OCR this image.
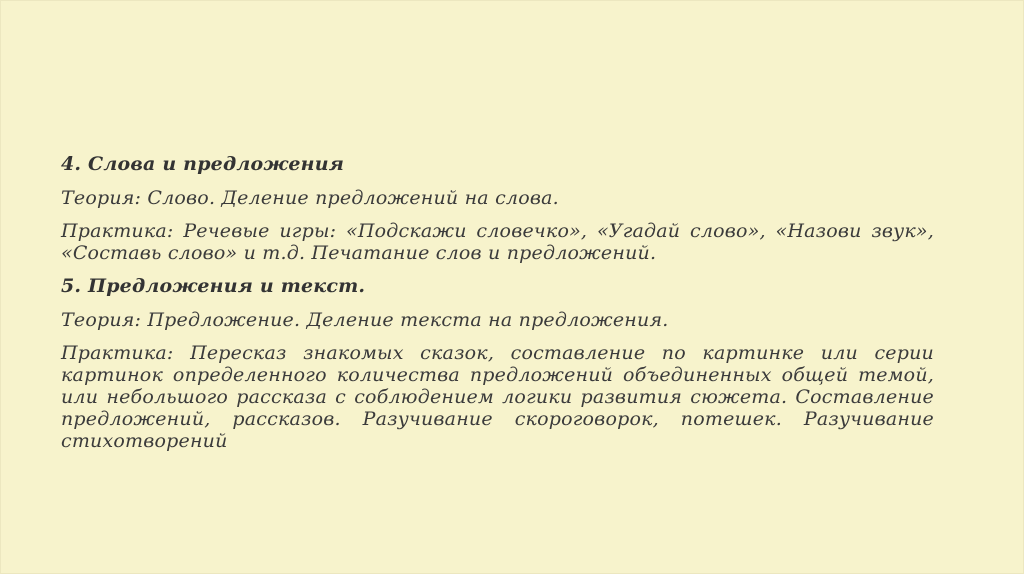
4. Слова и предложения
Теория: Слово. Деление предложений на слова.
Практика: Речевые игры: «Подскажи словечко», «Угадай слово», «Назови звук», «Составь слово» и т.д. Печатание слов и предложений.
5. Предложения и текст.
Теория: Предложение. Деление текста на предложения.
Практика: Пересказ знакомых сказок, составление по картинке или серии картинок определенного количества предложений объединенных общей темой, или небольшого рассказа с соблюдением логики развития сюжета. Составление предложений, рассказов. Разучивание скороговорок, потешек. Разучивание стихотворений
